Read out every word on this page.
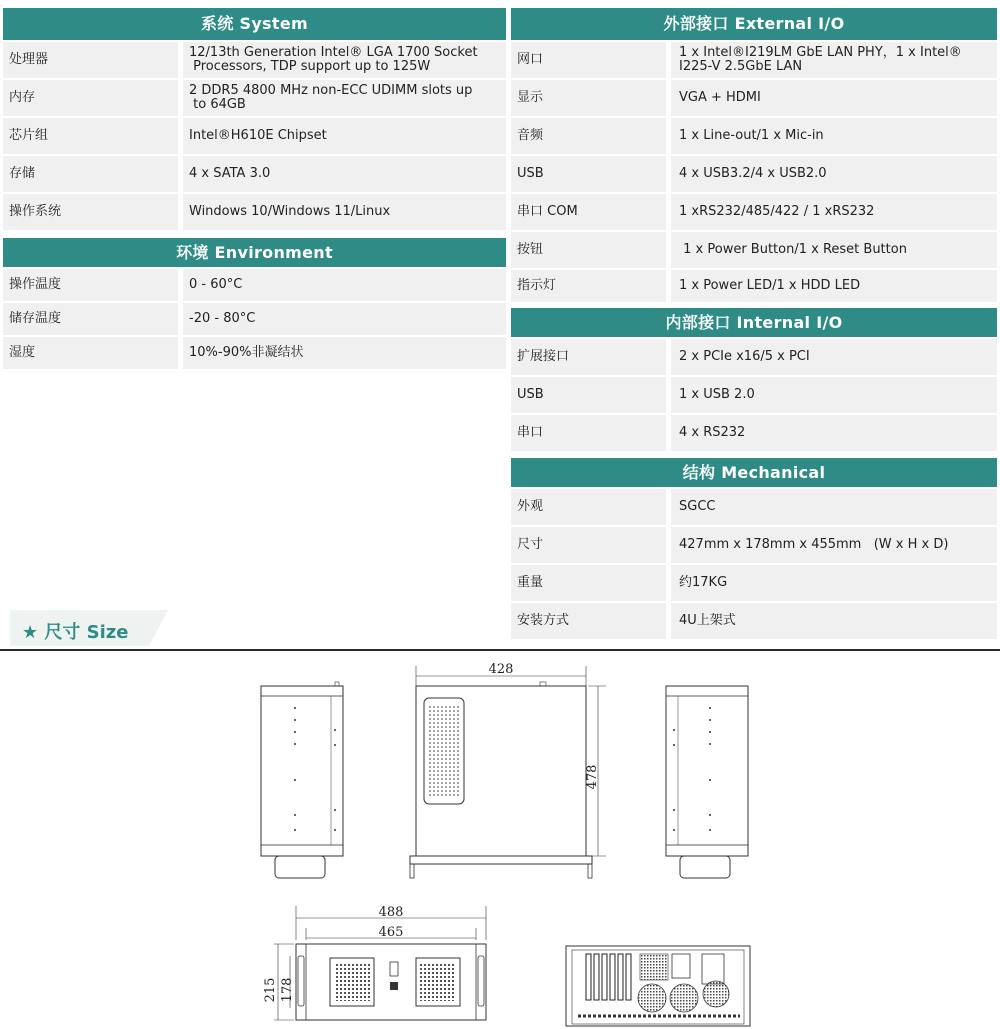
系统 System
处理器	12/13th Generation Intel® LGA 1700 Socket
Processors, TDP support up to 125W
内存	2 DDR5 4800 MHz non-ECC UDIMM slots up
to 64GB
芯片组	Intel®H610E Chipset
存储	4 x SATA 3.0
操作系统	Windows 10/Windows 11/Linux
环境 Environment
操作温度	0 - 60°C
储存温度	-20 - 80°C
湿度	10%-90%非凝结状
外部接口 External I/O
网口	1 x Intel®I219LM GbE LAN PHY，1 x Intel®
I225-V 2.5GbE LAN
显示	VGA + HDMI
音频	1 x Line-out/1 x Mic-in
USB	4 x USB3.2/4 x USB2.0
串口 COM	1 xRS232/485/422 / 1 xRS232
按钮	1 x Power Button/1 x Reset Button
指示灯	1 x Power LED/1 x HDD LED
内部接口 Internal I/O
扩展接口	2 x PCIe x16/5 x PCI
USB	1 x USB 2.0
串口	4 x RS232
结构 Mechanical
外观	SGCC
尺寸	427mm x 178mm x 455mm   (W x H x D)
重量	约17KG
安装方式	4U上架式
★ 尺寸 Size
428
478
488
465
215 178
